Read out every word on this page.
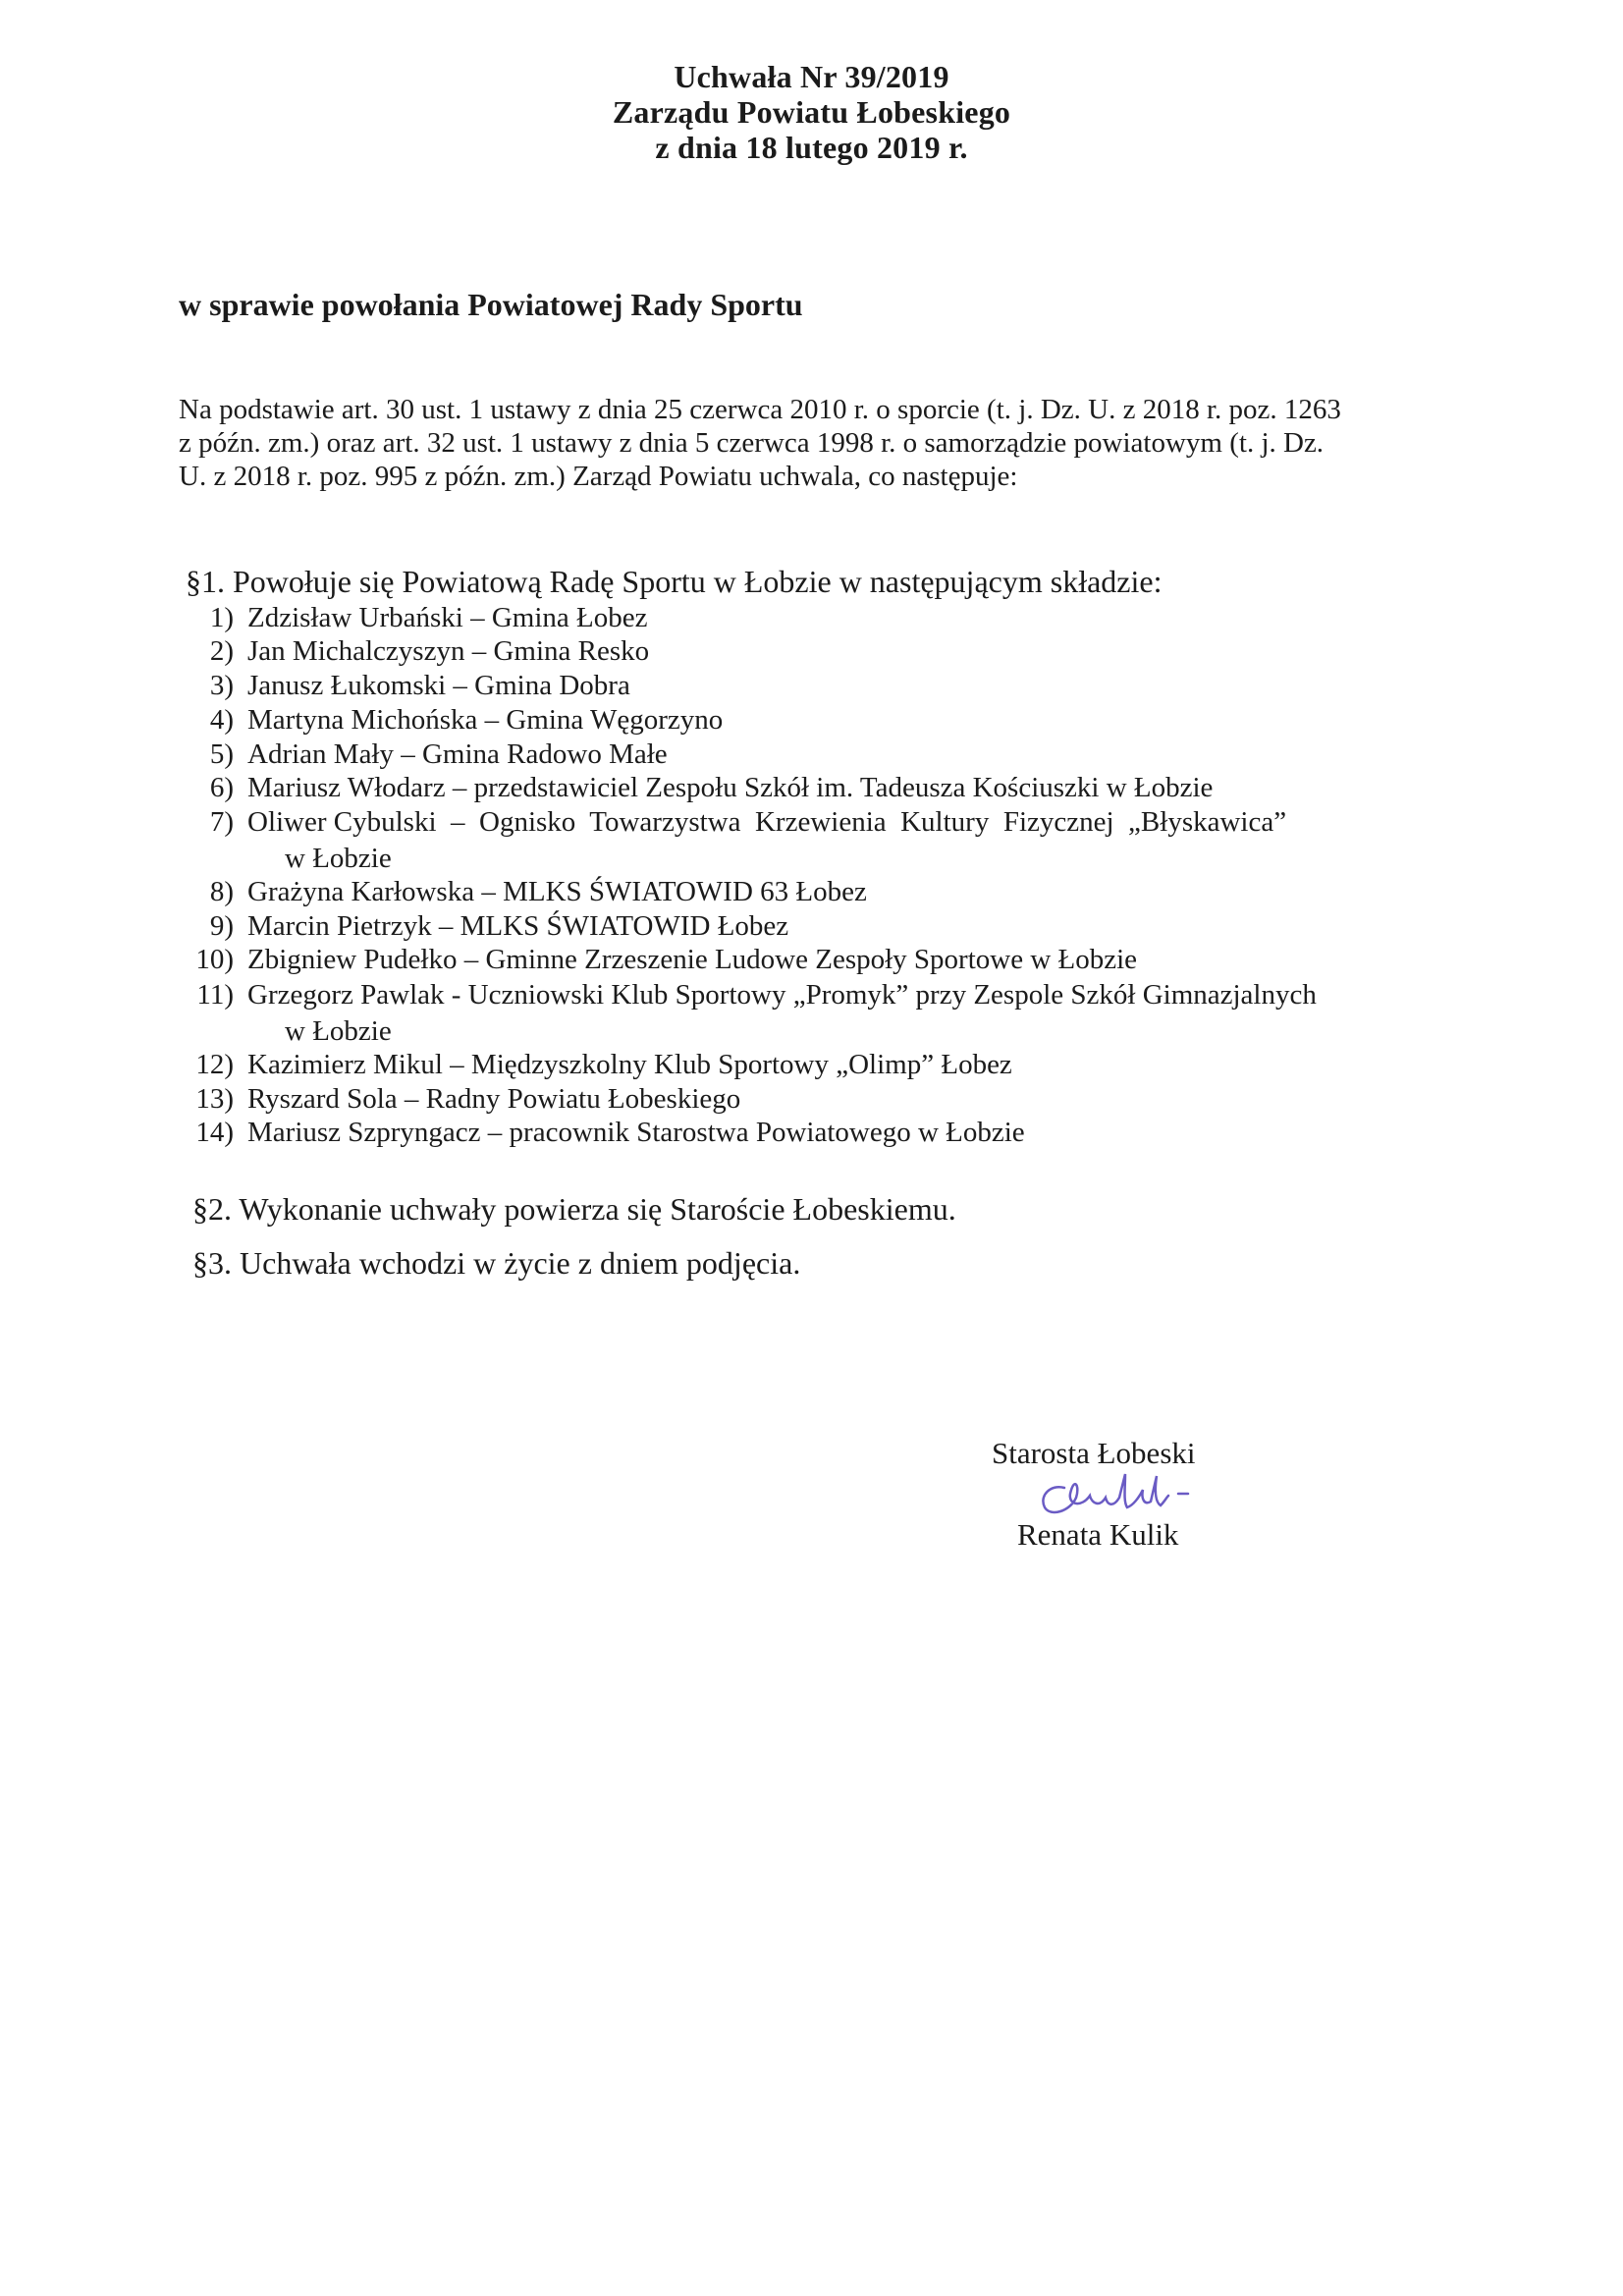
Uchwała Nr 39/2019
Zarządu Powiatu Łobeskiego
z dnia 18 lutego 2019 r.
w sprawie powołania Powiatowej Rady Sportu
Na podstawie art. 30 ust. 1 ustawy z dnia 25 czerwca 2010 r. o sporcie (t. j. Dz. U. z 2018 r. poz. 1263
z późn. zm.) oraz art. 32 ust. 1 ustawy z dnia 5 czerwca 1998 r. o samorządzie powiatowym (t. j. Dz.
U. z 2018 r. poz. 995 z późn. zm.) Zarząd Powiatu uchwala, co następuje:
§1. Powołuje się Powiatową Radę Sportu w Łobzie w następującym składzie:
1) Zdzisław Urbański – Gmina Łobez
2) Jan Michalczyszyn – Gmina Resko
3) Janusz Łukomski – Gmina Dobra
4) Martyna Michońska – Gmina Węgorzyno
5) Adrian Mały – Gmina Radowo Małe
6) Mariusz Włodarz – przedstawiciel Zespołu Szkół im. Tadeusza Kościuszki w Łobzie
7) Oliwer Cybulski  –  Ognisko  Towarzystwa  Krzewienia  Kultury  Fizycznej  „Błyskawica”
w Łobzie
8) Grażyna Karłowska – MLKS ŚWIATOWID 63 Łobez
9) Marcin Pietrzyk – MLKS ŚWIATOWID Łobez
10) Zbigniew Pudełko – Gminne Zrzeszenie Ludowe Zespoły Sportowe w Łobzie
11) Grzegorz Pawlak - Uczniowski Klub Sportowy „Promyk” przy Zespole Szkół Gimnazjalnych
w Łobzie
12) Kazimierz Mikul – Międzyszkolny Klub Sportowy „Olimp” Łobez
13) Ryszard Sola – Radny Powiatu Łobeskiego
14) Mariusz Szpryngacz – pracownik Starostwa Powiatowego w Łobzie
§2. Wykonanie uchwały powierza się Staroście Łobeskiemu.
§3. Uchwała wchodzi w życie z dniem podjęcia.
Starosta Łobeski
Renata Kulik
